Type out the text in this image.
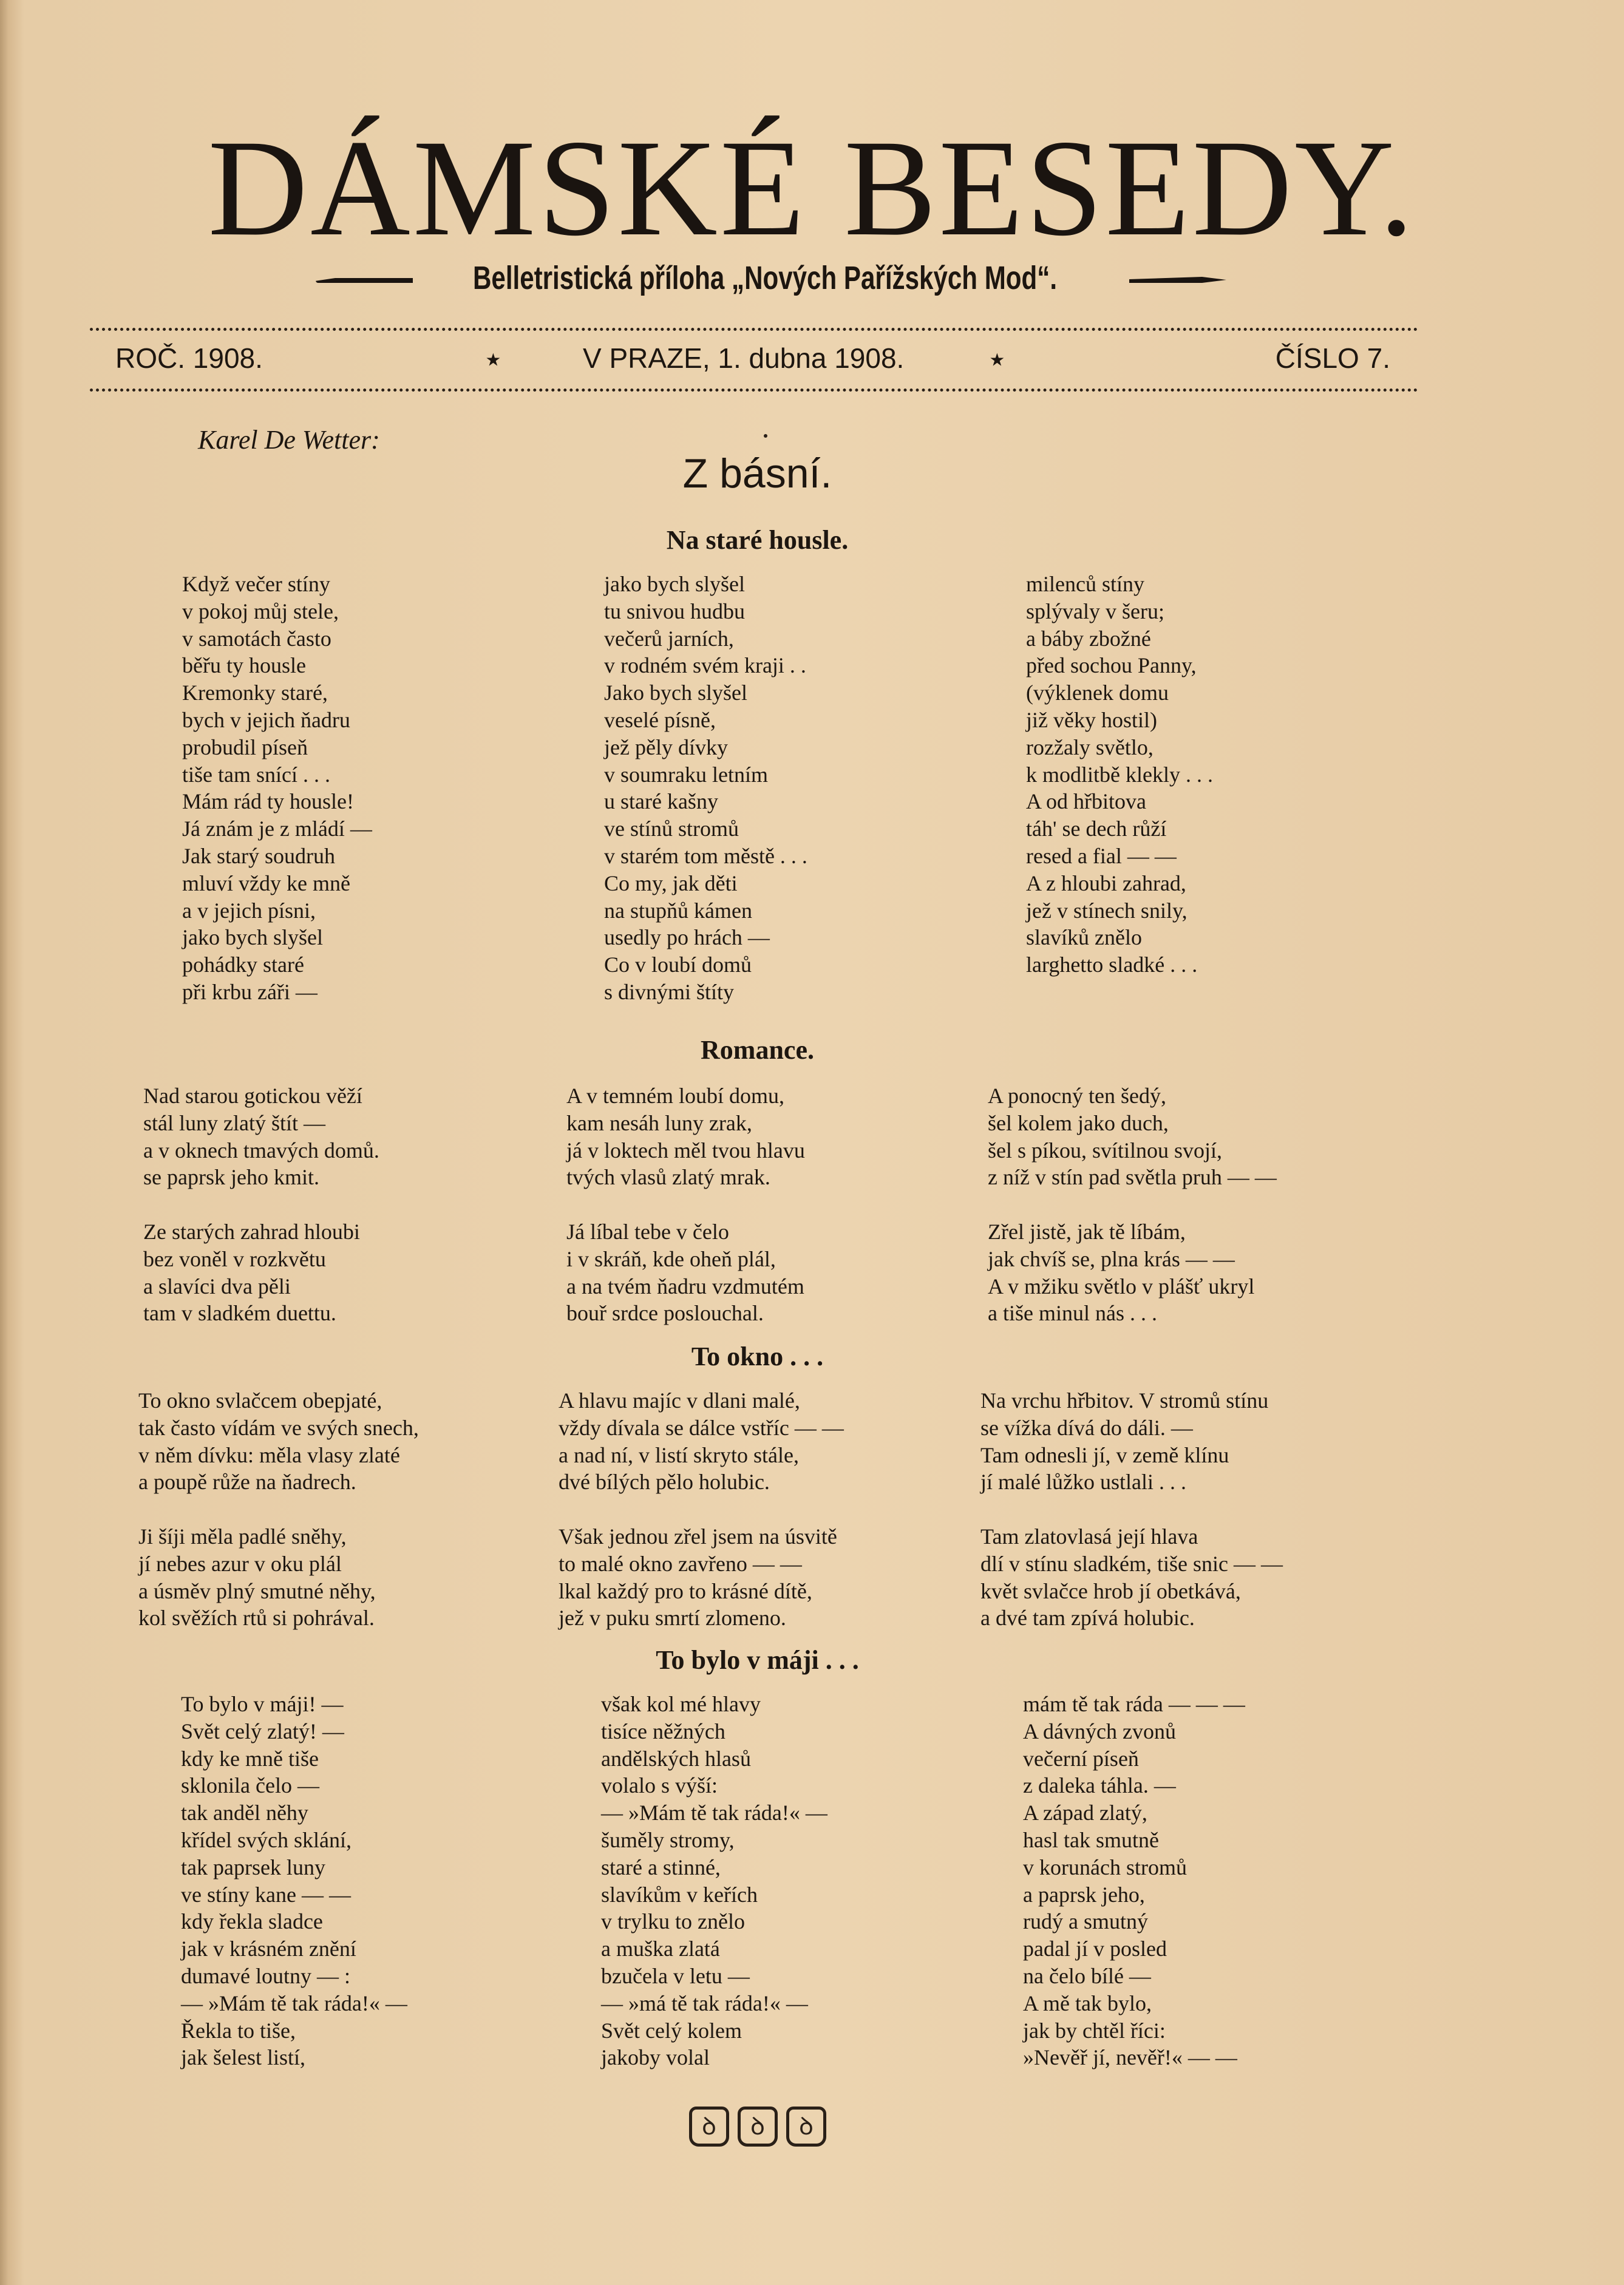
DÁMSKÉ BESEDY.
Belletristická příloha „Nových Pařížských Mod“.
ROČ. 1908.	⭑	V PRAZE, 1. dubna 1908.	⭑	ČÍSLO 7.
Karel De Wetter:
Z básní.
Na staré housle.
Když večer stíny
v pokoj můj stele,
v samotách často
běřu ty housle
Kremonky staré,
bych v jejich ňadru
probudil píseň
tiše tam snící . . .
Mám rád ty housle!
Já znám je z mládí —
Jak starý soudruh
mluví vždy ke mně
a v jejich písni,
jako bych slyšel
pohádky staré
při krbu záři —
jako bych slyšel
tu snivou hudbu
večerů jarních,
v rodném svém kraji . .
Jako bych slyšel
veselé písně,
jež pěly dívky
v soumraku letním
u staré kašny
ve stínů stromů
v starém tom městě . . .
Co my, jak děti
na stupňů kámen
usedly po hrách —
Co v loubí domů
s divnými štíty
milenců stíny
splývaly v šeru;
a báby zbožné
před sochou Panny,
(výklenek domu
již věky hostil)
rozžaly světlo,
k modlitbě klekly . . .
A od hřbitova
táh' se dech růží
resed a fial — —
A z hloubi zahrad,
jež v stínech snily,
slavíků znělo
larghetto sladké . . .
Romance.
Nad starou gotickou věží
stál luny zlatý štít —
a v oknech tmavých domů.
se paprsk jeho kmit.
Ze starých zahrad hloubi
bez voněl v rozkvětu
a slavíci dva pěli
tam v sladkém duettu.
A v temném loubí domu,
kam nesáh luny zrak,
já v loktech měl tvou hlavu
tvých vlasů zlatý mrak.
Já líbal tebe v čelo
i v skráň, kde oheň plál,
a na tvém ňadru vzdmutém
bouř srdce poslouchal.
A ponocný ten šedý,
šel kolem jako duch,
šel s píkou, svítilnou svojí,
z níž v stín pad světla pruh — —
Zřel jistě, jak tě líbám,
jak chvíš se, plna krás — —
A v mžiku světlo v plášť ukryl
a tiše minul nás . . .
To okno . . .
To okno svlačcem obepjaté,
tak často vídám ve svých snech,
v něm dívku: měla vlasy zlaté
a poupě růže na ňadrech.
Ji šíji měla padlé sněhy,
jí nebes azur v oku plál
a úsměv plný smutné něhy,
kol svěžích rtů si pohrával.
A hlavu majíc v dlani malé,
vždy dívala se dálce vstříc — —
a nad ní, v listí skryto stále,
dvé bílých pělo holubic.
Však jednou zřel jsem na úsvitě
to malé okno zavřeno — —
lkal každý pro to krásné dítě,
jež v puku smrtí zlomeno.
Na vrchu hřbitov. V stromů stínu
se vížka dívá do dáli. —
Tam odnesli jí, v země klínu
jí malé lůžko ustlali . . .
Tam zlatovlasá její hlava
dlí v stínu sladkém, tiše snic — —
květ svlačce hrob jí obetkává,
a dvé tam zpívá holubic.
To bylo v máji . . .
To bylo v máji! —
Svět celý zlatý! —
kdy ke mně tiše
sklonila čelo —
tak anděl něhy
křídel svých sklání,
tak paprsek luny
ve stíny kane — —
kdy řekla sladce
jak v krásném znění
dumavé loutny — :
— »Mám tě tak ráda!« —
Řekla to tiše,
jak šelest listí,
však kol mé hlavy
tisíce něžných
andělských hlasů
volalo s výší:
— »Mám tě tak ráda!« —
šuměly stromy,
staré a stinné,
slavíkům v keřích
v trylku to znělo
a muška zlatá
bzučela v letu —
— »má tě tak ráda!« —
Svět celý kolem
jakoby volal
mám tě tak ráda — — —
A dávných zvonů
večerní píseň
z daleka táhla. —
A západ zlatý,
hasl tak smutně
v korunách stromů
a paprsk jeho,
rudý a smutný
padal jí v posled
na čelo bílé —
A mě tak bylo,
jak by chtěl říci:
»Nevěř jí, nevěř!« — —
ꝺ	ꝺ	ꝺ
